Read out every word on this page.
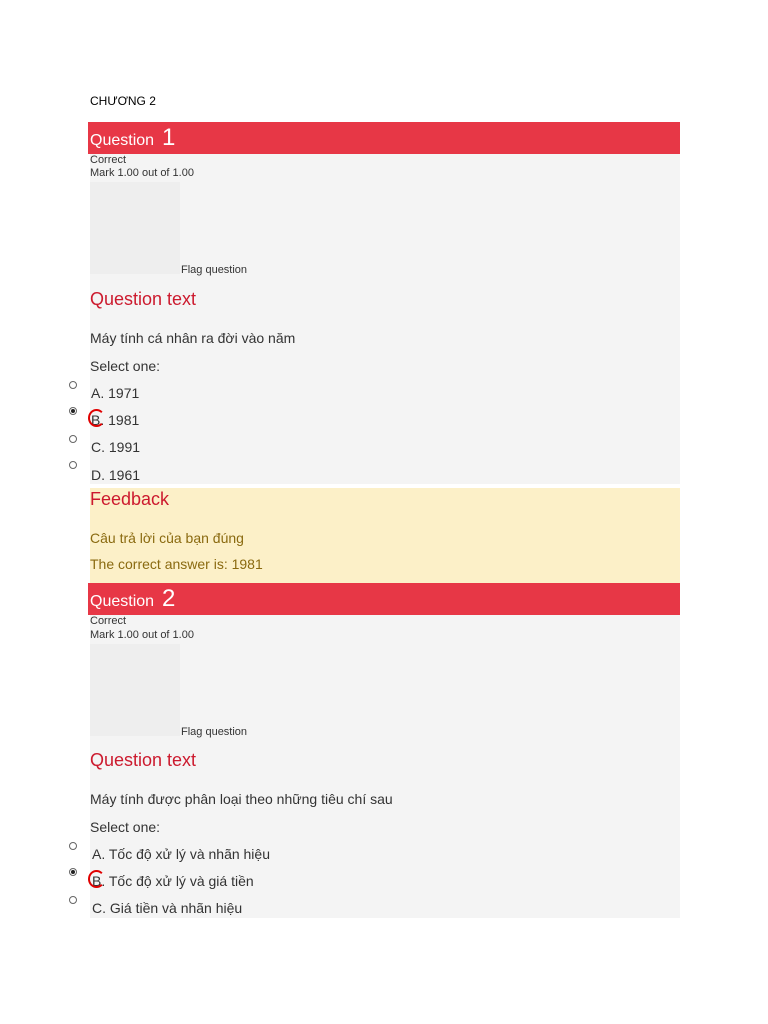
CHƯƠNG 2
Question 1
Correct
Mark 1.00 out of 1.00
Flag question
Question text
Máy tính cá nhân ra đời vào năm
Select one:
A. 1971
B. 1981
C. 1991
D. 1961
Feedback
Câu trả lời của bạn đúng
The correct answer is: 1981
Question 2
Correct
Mark 1.00 out of 1.00
Flag question
Question text
Máy tính được phân loại theo những tiêu chí sau
Select one:
A. Tốc độ xử lý và nhãn hiệu
B. Tốc độ xử lý và giá tiền
C. Giá tiền và nhãn hiệu
